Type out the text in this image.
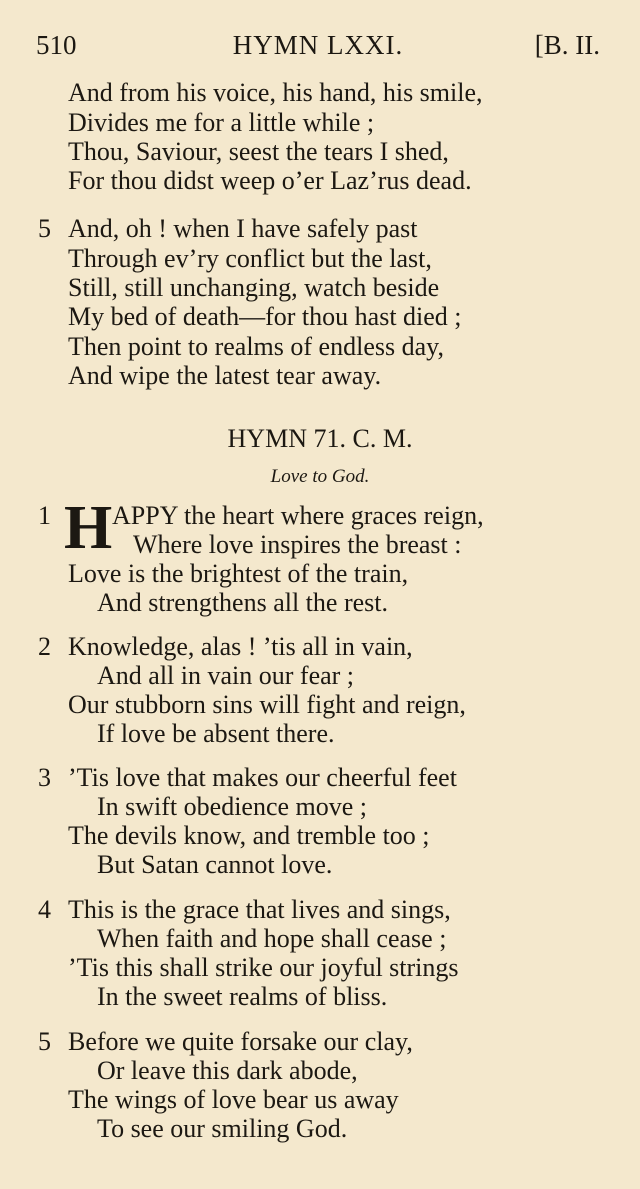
510	HYMN LXXI.	[B. II.
And from his voice, his hand, his smile,
Divides me for a little while ;
Thou, Saviour, seest the tears I shed,
For thou didst weep o’er Laz’rus dead.
5 And, oh ! when I have safely past
Through ev’ry conflict but the last,
Still, still unchanging, watch beside
My bed of death—for thou hast died ;
Then point to realms of endless day,
And wipe the latest tear away.
HYMN 71. C. M.
Love to God.
1 H APPY the heart where graces reign,
Where love inspires the breast :
Love is the brightest of the train,
And strengthens all the rest.
2 Knowledge, alas ! ’tis all in vain,
And all in vain our fear ;
Our stubborn sins will fight and reign,
If love be absent there.
3 ’Tis love that makes our cheerful feet
In swift obedience move ;
The devils know, and tremble too ;
But Satan cannot love.
4 This is the grace that lives and sings,
When faith and hope shall cease ;
’Tis this shall strike our joyful strings
In the sweet realms of bliss.
5 Before we quite forsake our clay,
Or leave this dark abode,
The wings of love bear us away
To see our smiling God.
